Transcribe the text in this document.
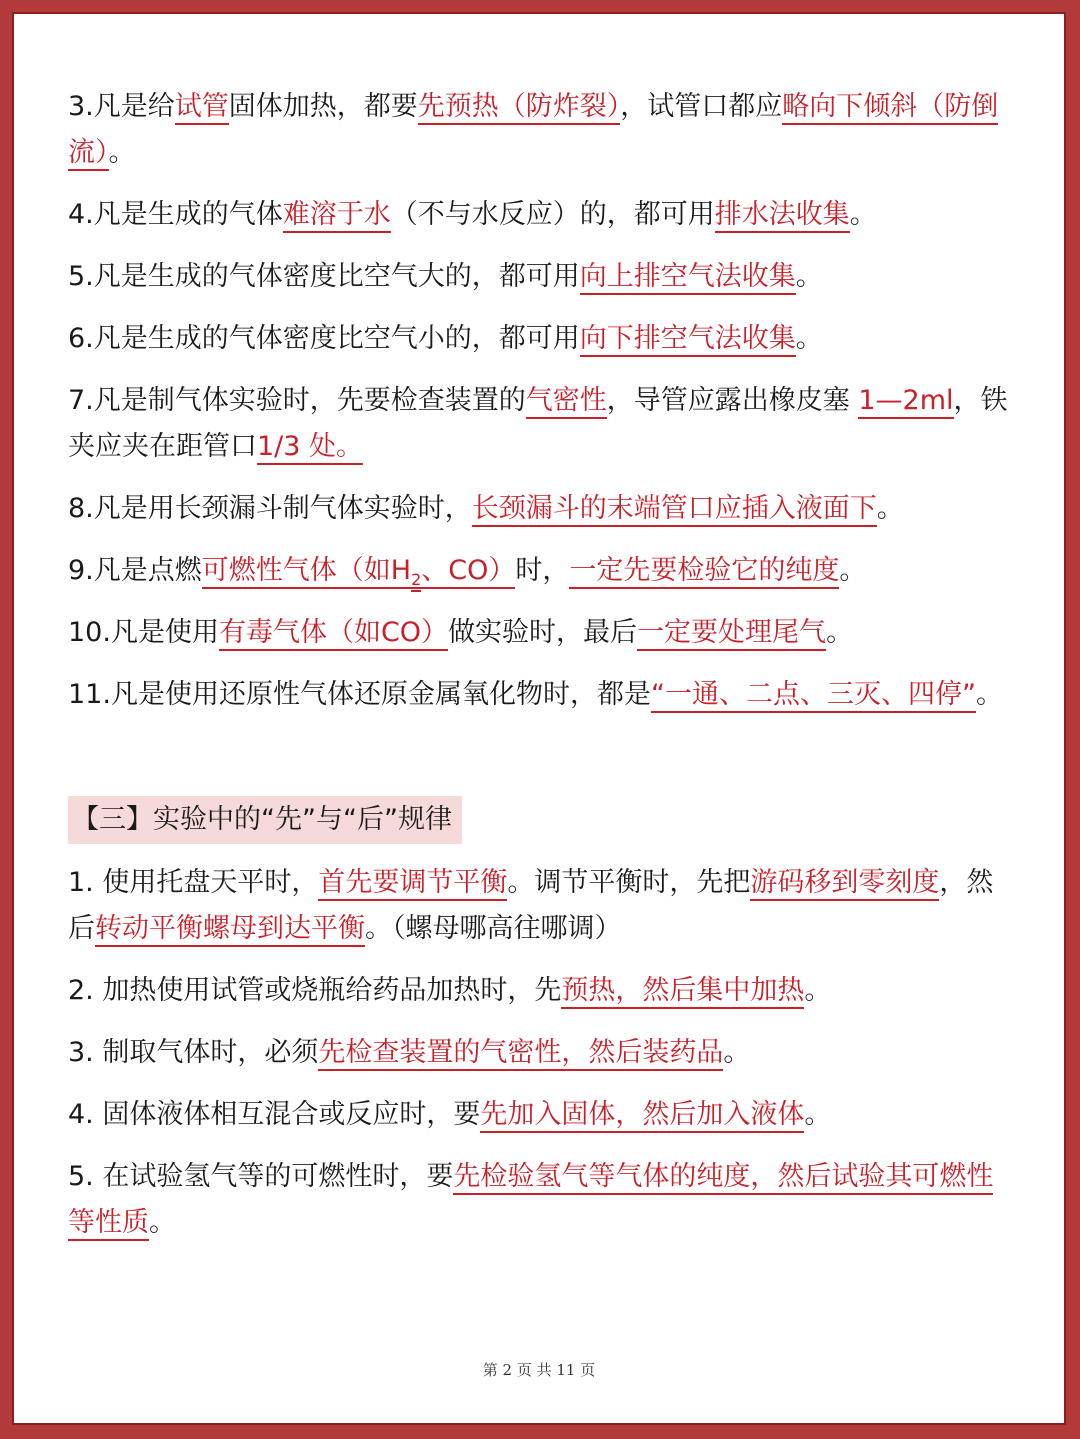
3.凡是给试管固体加热，都要先预热（防炸裂），试管口都应略向下倾斜（防倒流）。
4.凡是生成的气体难溶于水（不与水反应）的，都可用排水法收集。
5.凡是生成的气体密度比空气大的，都可用向上排空气法收集。
6.凡是生成的气体密度比空气小的，都可用向下排空气法收集。
7.凡是制气体实验时，先要检查装置的气密性，导管应露出橡皮塞 1—2ml，铁夹应夹在距管口1/3 处。
8.凡是用长颈漏斗制气体实验时，长颈漏斗的末端管口应插入液面下。
9.凡是点燃可燃性气体（如$H_2$、CO）时，一定先要检验它的纯度。
10.凡是使用有毒气体（如CO）做实验时，最后一定要处理尾气。
11.凡是使用还原性气体还原金属氧化物时，都是“一通、二点、三灭、四停”。
【三】实验中的“先”与“后”规律
1. 使用托盘天平时，首先要调节平衡。调节平衡时，先把游码移到零刻度，然后转动平衡螺母到达平衡。（螺母哪高往哪调）
2. 加热使用试管或烧瓶给药品加热时，先预热，然后集中加热。
3. 制取气体时，必须先检查装置的气密性，然后装药品。
4. 固体液体相互混合或反应时，要先加入固体，然后加入液体。
5. 在试验氢气等的可燃性时，要先检验氢气等气体的纯度，然后试验其可燃性等性质。
第 2 页 共 11 页
